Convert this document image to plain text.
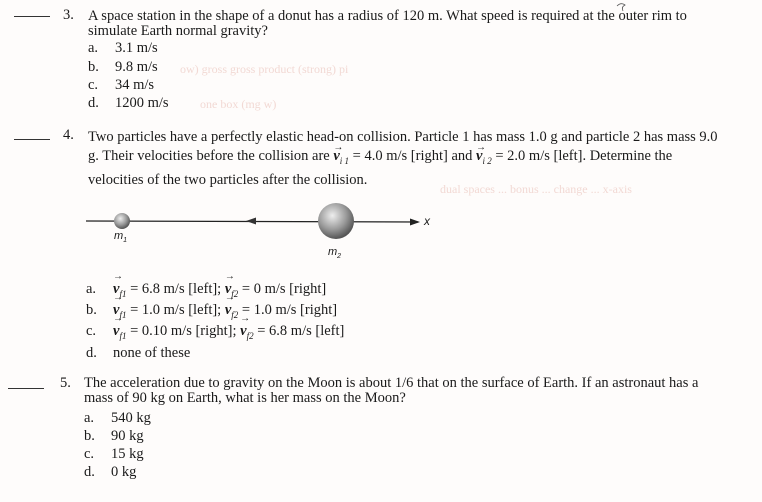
3. A space station in the shape of a donut has a radius of 120 m. What speed is required at the outer rim to
simulate Earth normal gravity?
a.	3.1 m/s
b.	9.8 m/s
c.	34 m/s
d.	1200 m/s
ow) gross gross product (strong) pi
one box (mg w)
4. Two particles have a perfectly elastic head-on collision. Particle 1 has mass 1.0 g and particle 2 has mass 9.0
g. Their velocities before the collision are → $v_{i 1} = 4.0$ m/s [right] and → $v_{i 2} = 2.0$ m/s [left]. Determine the
velocities of the two particles after the collision.
$m_1$
$m_2$
x
a.	→ $v_{f1} = 6.8$ m/s [left]; → $v_{f2} = 0$ m/s [right]
b.	→ $v_{f1} = 1.0$ m/s [left]; → $v_{f2} = 1.0$ m/s [right]
c.	→ $v_{f1} = 0.10$ m/s [right]; → $v_{f2} = 6.8$ m/s [left]
d.	none of these
dual spaces ... bonus ... change ... x-axis
5. The acceleration due to gravity on the Moon is about 1/6 that on the surface of Earth. If an astronaut has a
mass of 90 kg on Earth, what is her mass on the Moon?
a.	540 kg
b.	90 kg
c.	15 kg
d.	0 kg
